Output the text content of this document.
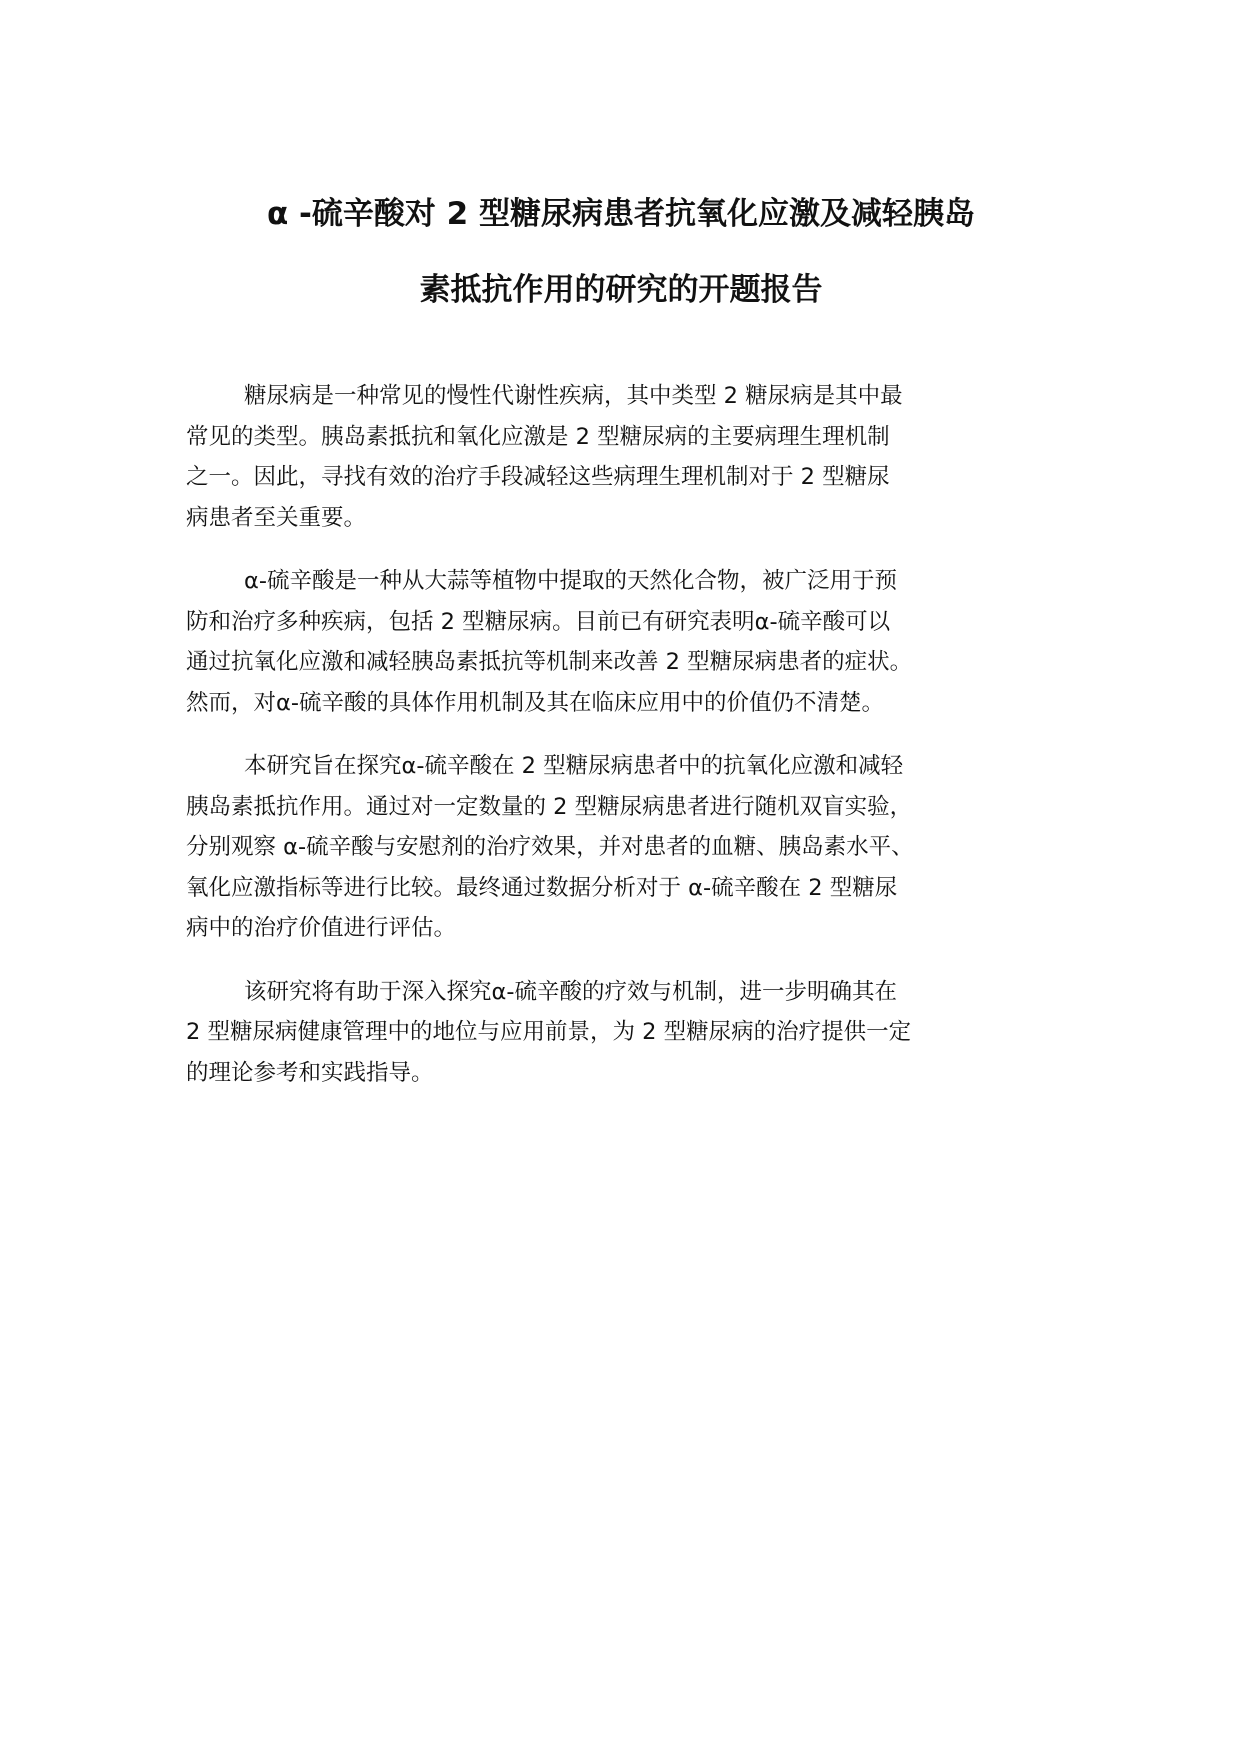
α -硫辛酸对 2 型糖尿病患者抗氧化应激及减轻胰岛
素抵抗作用的研究的开题报告

糖尿病是一种常见的慢性代谢性疾病，其中类型 2 糖尿病是其中最
常见的类型。胰岛素抵抗和氧化应激是 2 型糖尿病的主要病理生理机制
之一。因此，寻找有效的治疗手段减轻这些病理生理机制对于 2 型糖尿
病患者至关重要。

α-硫辛酸是一种从大蒜等植物中提取的天然化合物，被广泛用于预
防和治疗多种疾病，包括 2 型糖尿病。目前已有研究表明α-硫辛酸可以
通过抗氧化应激和减轻胰岛素抵抗等机制来改善 2 型糖尿病患者的症状。
然而，对α-硫辛酸的具体作用机制及其在临床应用中的价值仍不清楚。

本研究旨在探究α-硫辛酸在 2 型糖尿病患者中的抗氧化应激和减轻
胰岛素抵抗作用。通过对一定数量的 2 型糖尿病患者进行随机双盲实验，
分别观察 α-硫辛酸与安慰剂的治疗效果，并对患者的血糖、胰岛素水平、
氧化应激指标等进行比较。最终通过数据分析对于 α-硫辛酸在 2 型糖尿
病中的治疗价值进行评估。

该研究将有助于深入探究α-硫辛酸的疗效与机制，进一步明确其在
2 型糖尿病健康管理中的地位与应用前景，为 2 型糖尿病的治疗提供一定
的理论参考和实践指导。
